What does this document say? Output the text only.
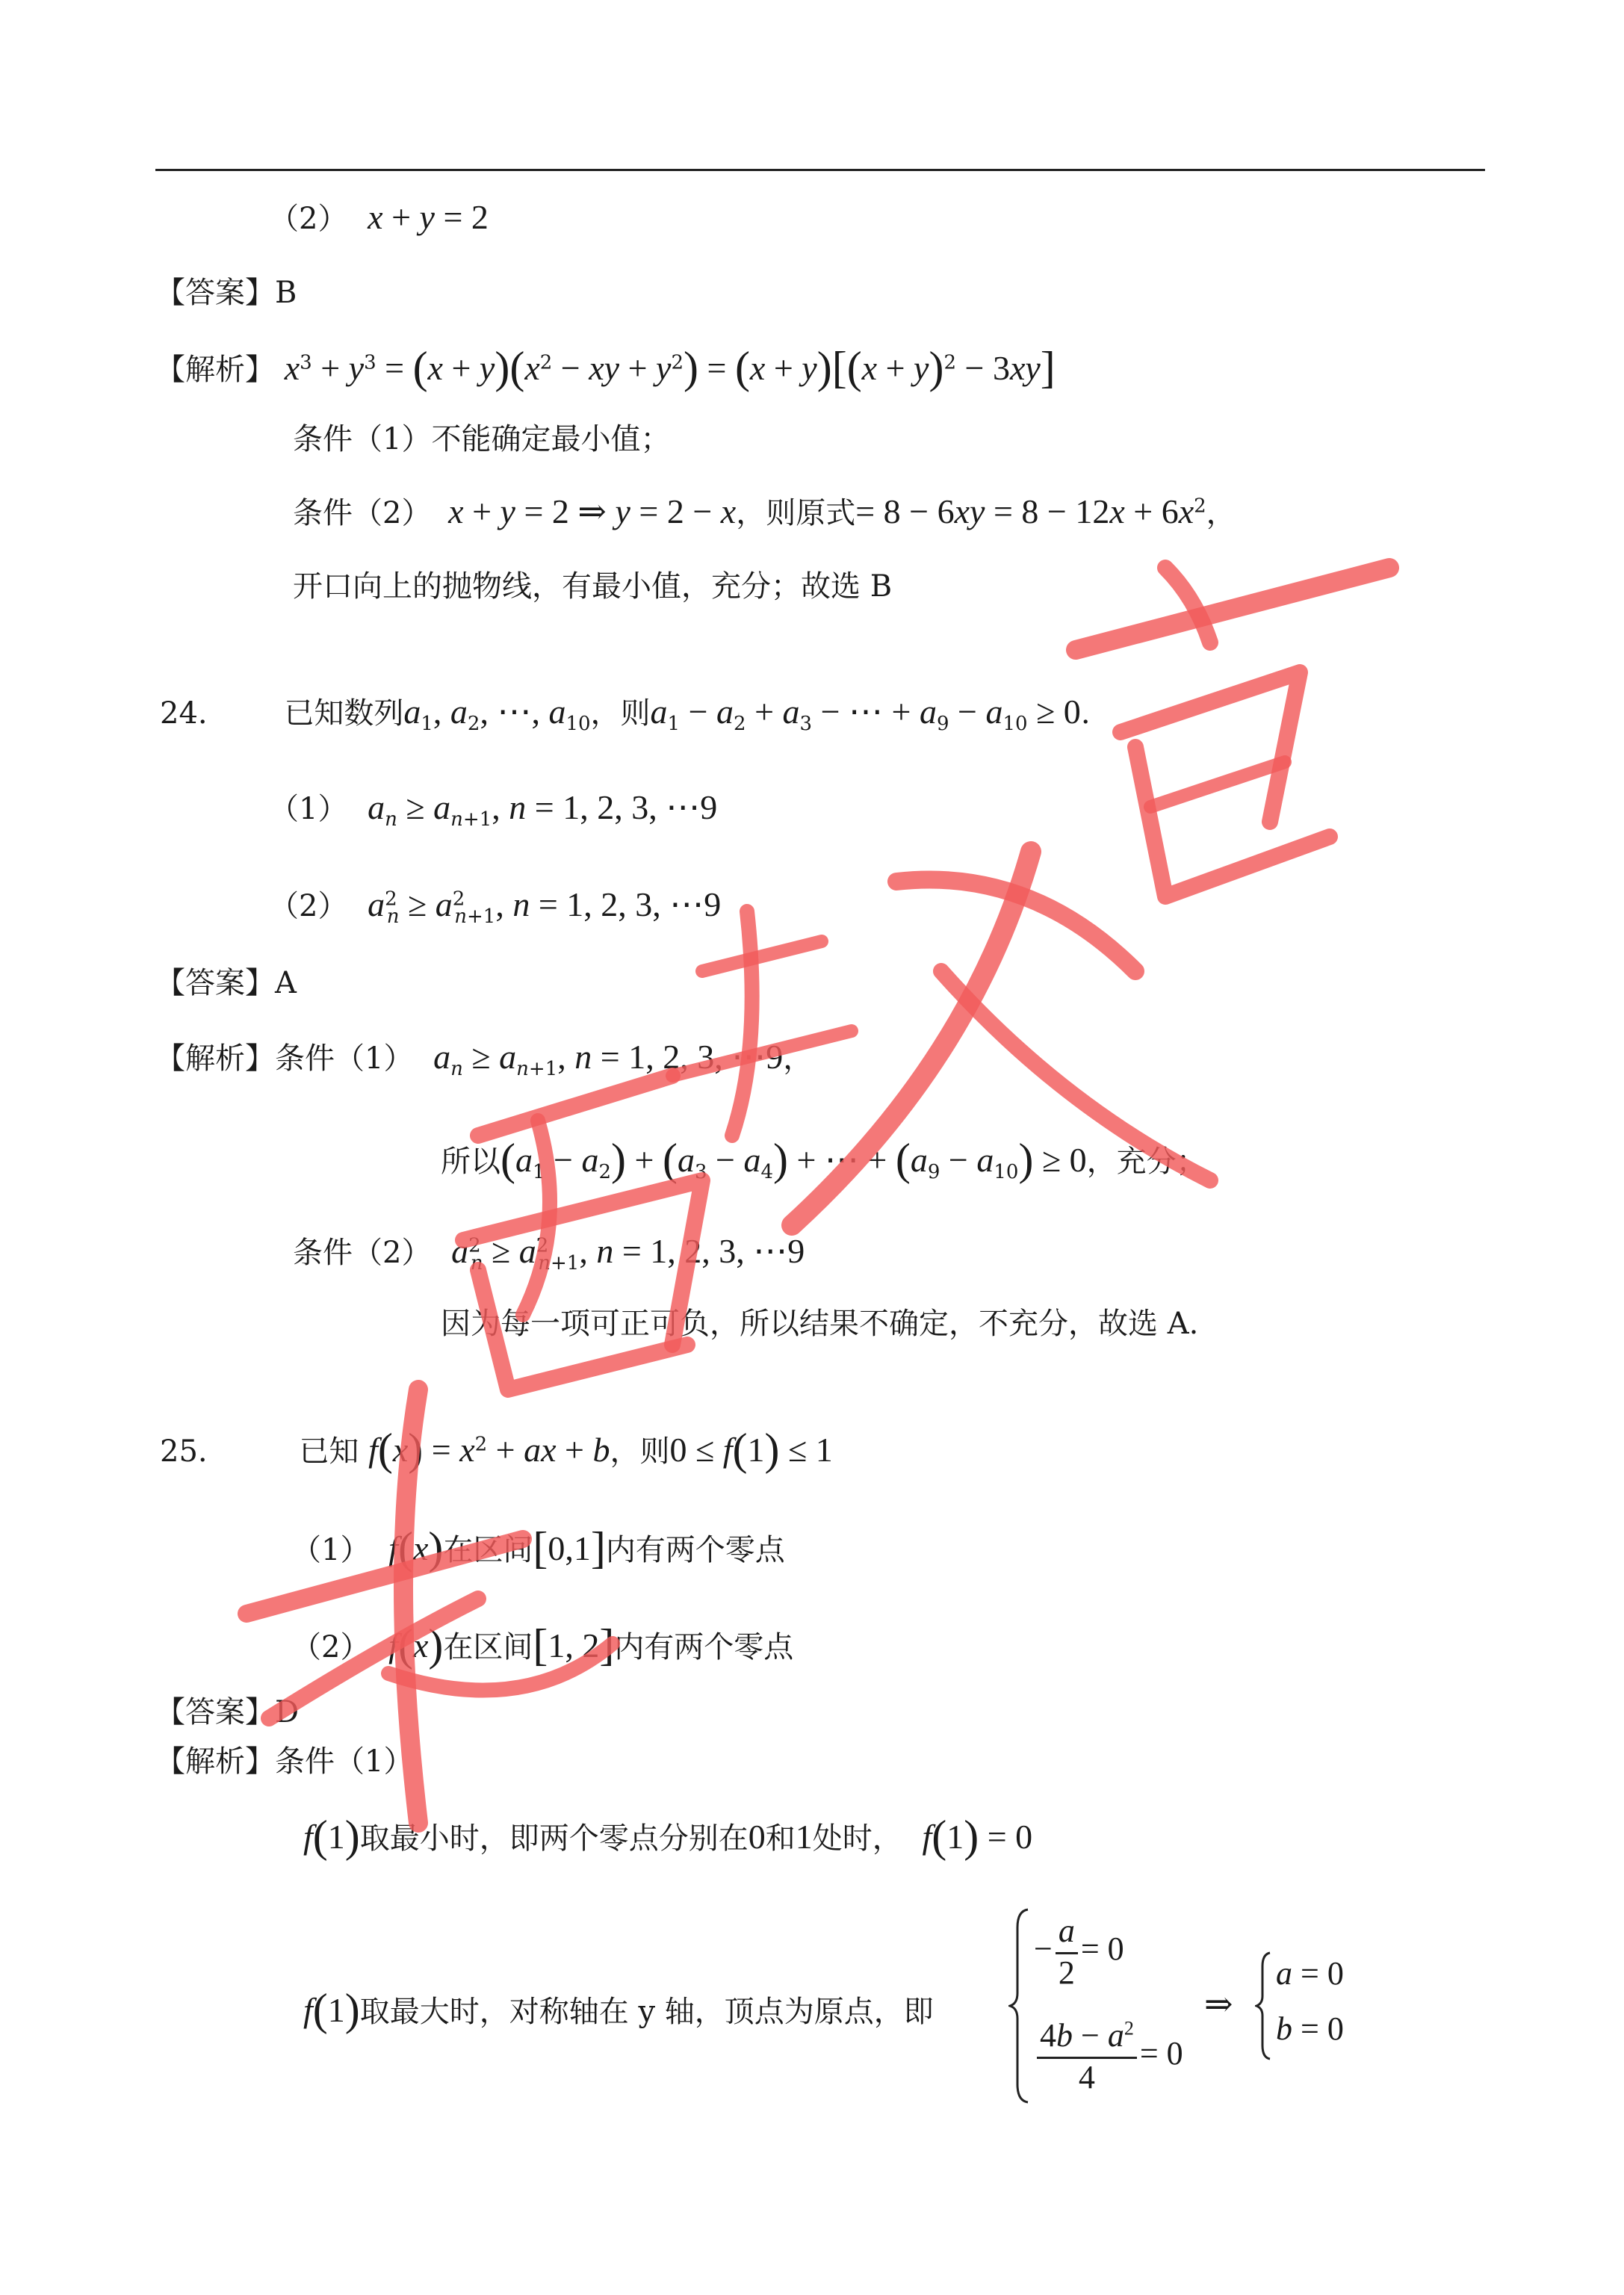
（2） x + y = 2
【答案】B
【解析】 $x^3 + y^3 = (x + y)(x^2$ − xy + $y^2) = (x + y)[(x + y)^2 - 3xy]$
条件（1）不能确定最小值；
条件（2） x + y = 2 ⇒ y = 2 − x，则原式= $8 - 6xy = 8 - 12x + 6x^2$，
开口向上的抛物线，有最小值，充分；故选 B
24.	已知数列$a_1$, $a_2$, ⋯, $a_{10}$，则$a_1 - a_2 + a_3$ − ⋯ + $a_9 - a_{10} \ge 0$.
（1） $a_n \ge a_{n+1}$, n = 1, 2, 3, ⋯9
（2） $a^2_n \ge a^2_{n+1}$, n = 1, 2, 3, ⋯9
【答案】A
【解析】条件（1） $a_n \ge a_{n+1}$, n = 1, 2, 3, ⋯9，
所以$(a_1 - a_2) + (a_3 - a_4)$ + ⋯ + $(a_9 - a_{10}) \ge 0$，充分；
条件（2） $a^2_n \ge a^2_{n+1}$, n = 1, 2, 3, ⋯9
因为每一项可正可负，所以结果不确定，不充分，故选 A.
25.	已知 $f(x) = x^2$ + ax + b，则0 ≤ f(1) ≤ 1
（1） f(x)在区间[0,1]内有两个零点
（2） f(x)在区间[1, 2]内有两个零点
【答案】D
【解析】条件（1）
f(1)取最小时，即两个零点分别在0和1处时， f(1) = 0
f(1)取最大时，对称轴在 y 轴，顶点为原点，即
− $\frac{a}{2} = 0$
$\frac{4b - a^2}{4} = 0$
⇒
a = 0
b = 0
